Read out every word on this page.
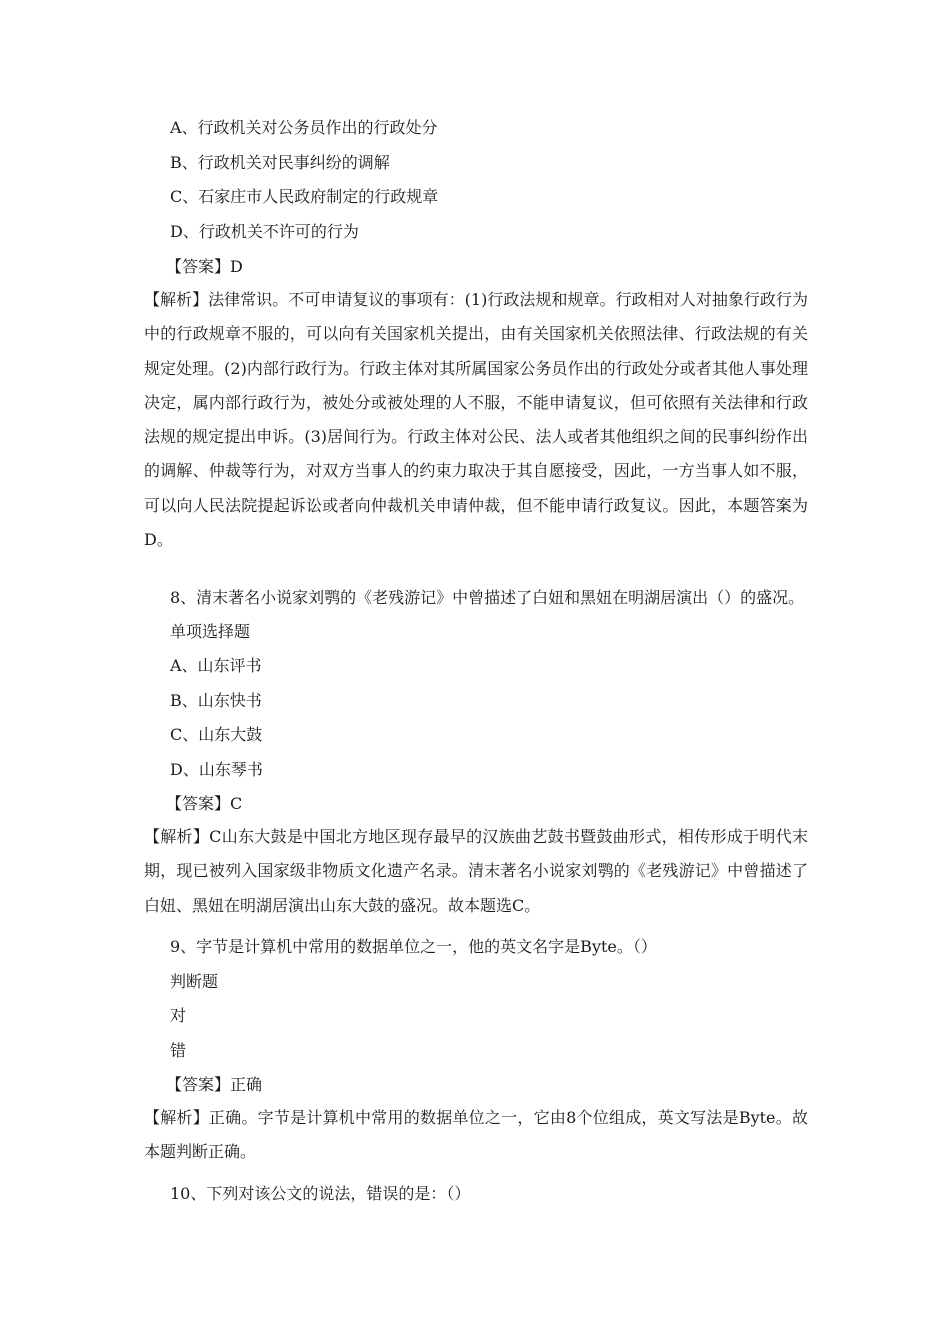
A、行政机关对公务员作出的行政处分
B、行政机关对民事纠纷的调解
C、石家庄市人民政府制定的行政规章
D、行政机关不许可的行为
【答案】D
【解析】法律常识。不可申请复议的事项有：(1)行政法规和规章。行政相对人对抽象行政行为中的行政规章不服的，可以向有关国家机关提出，由有关国家机关依照法律、行政法规的有关规定处理。(2)内部行政行为。行政主体对其所属国家公务员作出的行政处分或者其他人事处理决定，属内部行政行为，被处分或被处理的人不服，不能申请复议，但可依照有关法律和行政法规的规定提出申诉。(3)居间行为。行政主体对公民、法人或者其他组织之间的民事纠纷作出的调解、仲裁等行为，对双方当事人的约束力取决于其自愿接受，因此，一方当事人如不服，可以向人民法院提起诉讼或者向仲裁机关申请仲裁，但不能申请行政复议。因此，本题答案为D。
8、清末著名小说家刘鹗的《老残游记》中曾描述了白妞和黑妞在明湖居演出（）的盛况。
单项选择题
A、山东评书
B、山东快书
C、山东大鼓
D、山东琴书
【答案】C
【解析】C山东大鼓是中国北方地区现存最早的汉族曲艺鼓书暨鼓曲形式，相传形成于明代末期，现已被列入国家级非物质文化遗产名录。清末著名小说家刘鹗的《老残游记》中曾描述了白妞、黑妞在明湖居演出山东大鼓的盛况。故本题选C。
9、字节是计算机中常用的数据单位之一，他的英文名字是Byte。（）
判断题
对
错
【答案】正确
【解析】正确。字节是计算机中常用的数据单位之一，它由8个位组成，英文写法是Byte。故本题判断正确。
10、下列对该公文的说法，错误的是：（）
